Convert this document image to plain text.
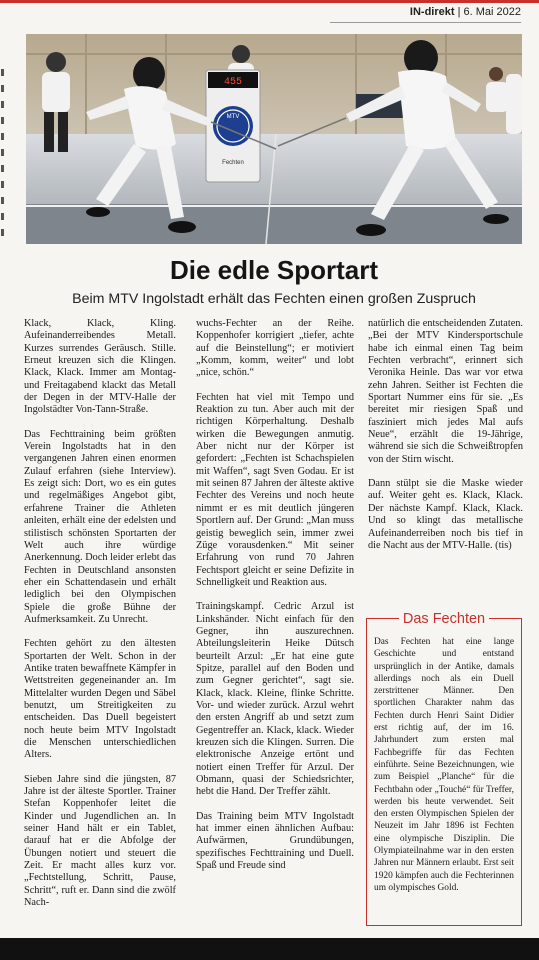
IN-direkt | 6. Mai 2022
455
MTV
Fechten
Die edle Sportart
Beim MTV Ingolstadt erhält das Fechten einen großen Zuspruch

Klack, Klack, Kling. Aufeinanderreibendes Metall. Kurzes surrendes Geräusch. Stille. Erneut kreuzen sich die Klingen. Klack, Klack. Immer am Montag- und Freitagabend klackt das Metall der Degen in der MTV-Halle der Ingolstädter Von-Tann-Straße.

Das Fechttraining beim größten Verein Ingolstadts hat in den vergangenen Jahren einen enormen Zulauf erfahren (siehe Interview). Es zeigt sich: Dort, wo es ein gutes und regelmäßiges Angebot gibt, erfahrene Trainer die Athleten anleiten, erhält eine der edelsten und stilistisch schönsten Sportarten der Welt auch ihre würdige Anerkennung. Doch leider erlebt das Fechten in Deutschland ansonsten eher ein Schattendasein und erhält lediglich bei den Olympischen Spiele die große Bühne der Aufmerksamkeit. Zu Unrecht.

Fechten gehört zu den ältesten Sportarten der Welt. Schon in der Antike traten bewaffnete Kämpfer in Wettstreiten gegeneinander an. Im Mittelalter wurden Degen und Säbel benutzt, um Streitigkeiten zu entscheiden. Das Duell begeistert noch heute beim MTV Ingolstadt die Menschen unterschiedlichen Alters.

Sieben Jahre sind die jüngsten, 87 Jahre ist der älteste Sportler. Trainer Stefan Koppenhofer leitet die Kinder und Jugendlichen an. In seiner Hand hält er ein Tablet, darauf hat er die Abfolge der Übungen notiert und steuert die Zeit. Er macht alles kurz vor. „Fechtstellung, Schritt, Pause, Schritt“, ruft er. Dann sind die zwölf Nach-

wuchs-Fechter an der Reihe. Koppenhofer korrigiert „tiefer, achte auf die Beinstellung“; er motiviert „Komm, komm, weiter“ und lobt „nice, schön.“

Fechten hat viel mit Tempo und Reaktion zu tun. Aber auch mit der richtigen Körperhaltung. Deshalb wirken die Bewegungen anmutig. Aber nicht nur der Körper ist gefordert: „Fechten ist Schachspielen mit Waffen“, sagt Sven Godau. Er ist mit seinen 87 Jahren der älteste aktive Fechter des Vereins und noch heute nimmt er es mit deutlich jüngeren Sportlern auf. Der Grund: „Man muss geistig beweglich sein, immer zwei Züge vorausdenken.“ Mit seiner Erfahrung von rund 70 Jahren Fechtsport gleicht er seine Defizite in Schnelligkeit und Reaktion aus.

Trainingskampf. Cedric Arzul ist Linkshänder. Nicht einfach für den Gegner, ihn auszurechnen. Abteilungsleiterin Heike Dütsch beurteilt Arzul: „Er hat eine gute Spitze, parallel auf den Boden und zum Gegner gerichtet“, sagt sie. Klack, klack. Kleine, flinke Schritte. Vor- und wieder zurück. Arzul wehrt den ersten Angriff ab und setzt zum Gegentreffer an. Klack, klack. Wieder kreuzen sich die Klingen. Surren. Die elektronische Anzeige ertönt und notiert einen Treffer für Arzul. Der Obmann, quasi der Schiedsrichter, hebt die Hand. Der Treffer zählt.

Das Training beim MTV Ingolstadt hat immer einen ähnlichen Aufbau: Aufwärmen, Grundübungen, spezifisches Fechttraining und Duell. Spaß und Freude sind

natürlich die entscheidenden Zutaten. „Bei der MTV Kindersportschule habe ich einmal einen Tag beim Fechten verbracht“, erinnert sich Veronika Heinle. Das war vor etwa zehn Jahren. Seither ist Fechten die Sportart Nummer eins für sie. „Es bereitet mir riesigen Spaß und fasziniert mich jedes Mal aufs Neue“, erzählt die 19-Jährige, während sie sich die Schweißtropfen von der Stirn wischt.

Dann stülpt sie die Maske wieder auf. Weiter geht es. Klack, Klack. Der nächste Kampf. Klack, Klack. Und so klingt das metallische Aufeinanderreiben noch bis tief in die Nacht aus der MTV-Halle. (tis)

Das Fechten
Das Fechten hat eine lange Geschichte und entstand ursprünglich in der Antike, damals allerdings noch als ein Duell zerstrittener Männer. Den sportlichen Charakter nahm das Fechten durch Henri Saint Didier erst richtig auf, der im 16. Jahrhundert zum ersten mal Fachbegriffe für das Fechten einführte. Seine Bezeichnungen, wie zum Beispiel „Planche“ für die Fechtbahn oder „Touché“ für Treffer, werden bis heute verwendet. Seit den ersten Olympischen Spielen der Neuzeit im Jahr 1896 ist Fechten eine olympische Disziplin. Die Olympiateilnahme war in den ersten Jahren nur Männern erlaubt. Erst seit 1920 kämpfen auch die Fechterinnen um olympisches Gold.
